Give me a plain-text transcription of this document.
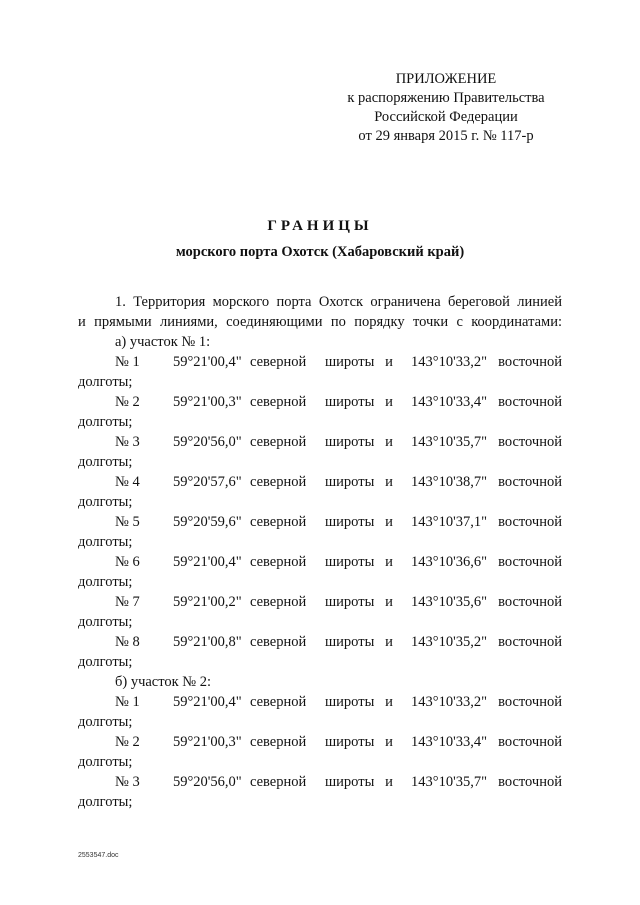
ПРИЛОЖЕНИЕ
к распоряжению Правительства
Российской Федерации
от 29 января 2015 г. № 117-р
ГРАНИЦЫ
морского порта Охотск (Хабаровский край)
1. Территория морского порта Охотск ограничена береговой линией
и прямыми линиями, соединяющими по порядку точки с координатами:
а) участок № 1:
№ 1	59°21'00,4" северной	широты и	143°10'33,2" восточной
долготы;
№ 2	59°21'00,3" северной	широты и	143°10'33,4" восточной
долготы;
№ 3	59°20'56,0" северной	широты и	143°10'35,7" восточной
долготы;
№ 4	59°20'57,6" северной	широты и	143°10'38,7" восточной
долготы;
№ 5	59°20'59,6" северной	широты и	143°10'37,1" восточной
долготы;
№ 6	59°21'00,4" северной	широты и	143°10'36,6" восточной
долготы;
№ 7	59°21'00,2" северной	широты и	143°10'35,6" восточной
долготы;
№ 8	59°21'00,8" северной	широты и	143°10'35,2" восточной
долготы;
б) участок № 2:
№ 1	59°21'00,4" северной	широты и	143°10'33,2" восточной
долготы;
№ 2	59°21'00,3" северной	широты и	143°10'33,4" восточной
долготы;
№ 3	59°20'56,0" северной	широты и	143°10'35,7" восточной
долготы;
2553547.doc
